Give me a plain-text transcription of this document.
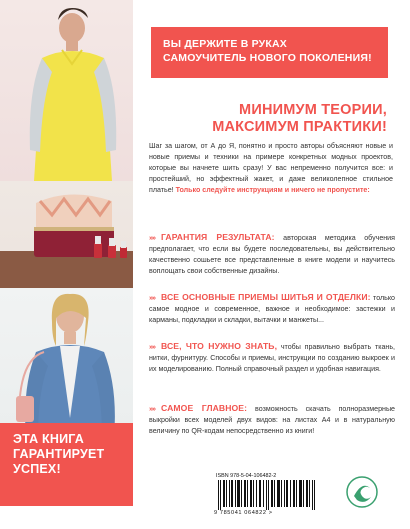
ЭТА КНИГА
ГАРАНТИРУЕТ
УСПЕХ!
ВЫ ДЕРЖИТЕ В РУКАХ
САМОУЧИТЕЛЬ НОВОГО ПОКОЛЕНИЯ!
МИНИМУМ ТЕОРИИ,
МАКСИМУМ ПРАКТИКИ!
Шаг за шагом, от А до Я, понятно и просто авторы объясняют новые и новые приемы и техники на примере конкретных модных проектов, которые вы начнете шить сразу! У вас непременно получится все: и простейший, но эффектный жакет, и даже великолепное стильное платье! Только следуйте инструкциям и ничего не пропустите:
»» ГАРАНТИЯ РЕЗУЛЬТАТА: авторская методика обучения предполагает, что если вы будете последовательны, вы действительно качественно сошьете все представленные в книге модели и научитесь воплощать свои собственные дизайны.
»» ВСЕ ОСНОВНЫЕ ПРИЕМЫ ШИТЬЯ И ОТДЕЛКИ: только самое модное и современное, важное и необходимое: застежки и карманы, подкладки и складки, вытачки и манжеты...
»» ВСЕ, ЧТО НУЖНО ЗНАТЬ, чтобы правильно выбрать ткань, нитки, фурнитуру. Способы и приемы, инструкции по созданию выкроек и их моделированию. Полный справочный раздел и удобная навигация.
»» САМОЕ ГЛАВНОЕ: возможность скачать полноразмерные выкройки всех моделей двух видов: на листах А4 и в натуральную величину по QR-кодам непосредственно из книги!
ISBN 978-5-04-106482-2
9 785041 064822 >
